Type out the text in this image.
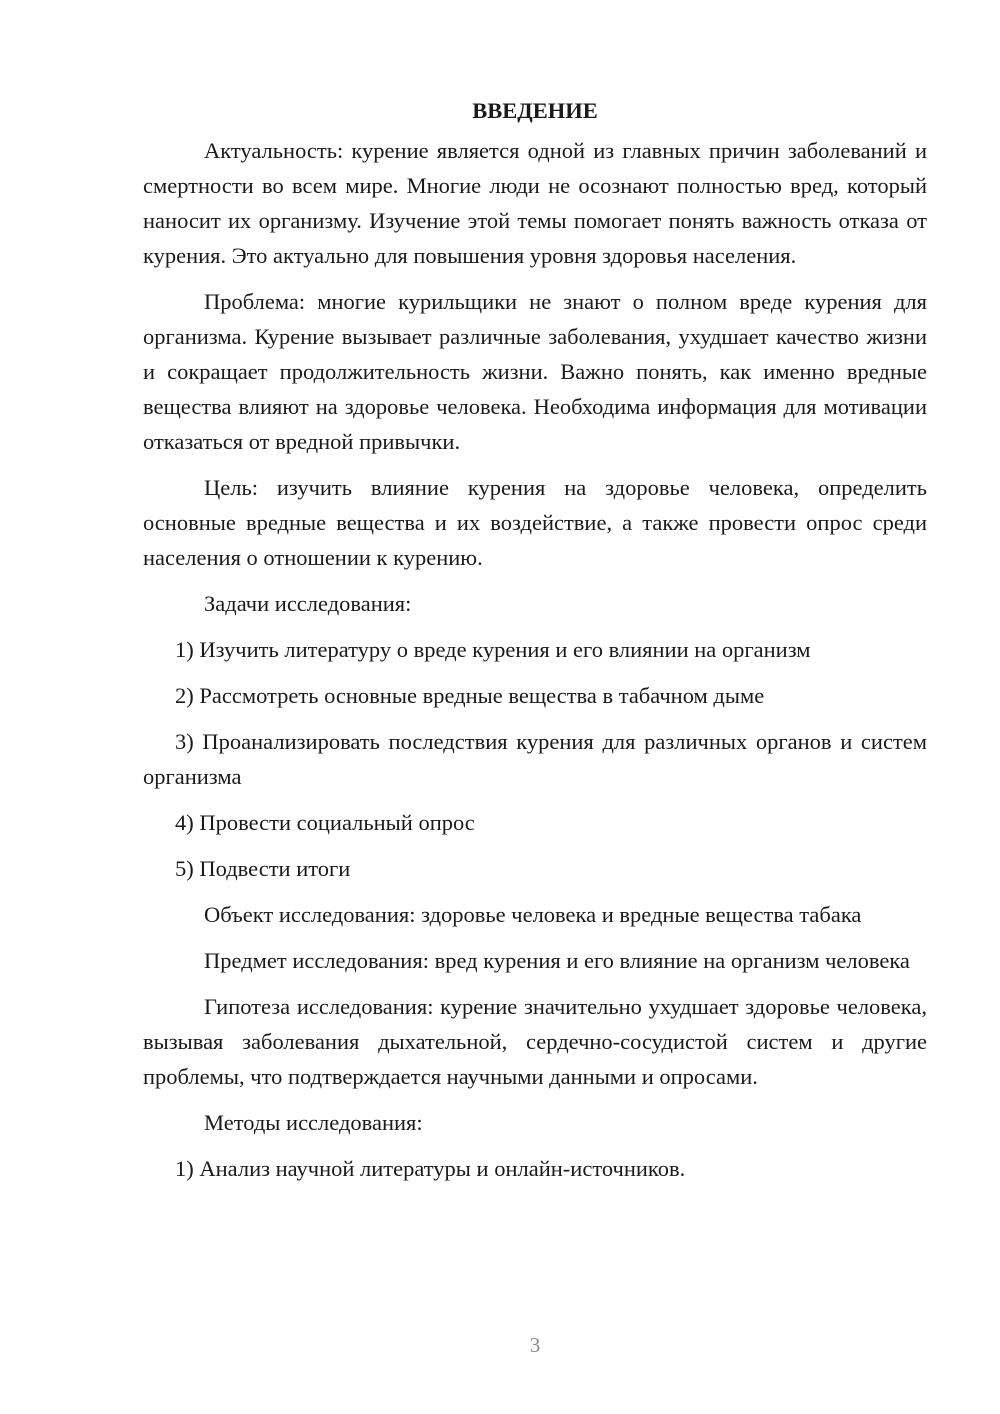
ВВЕДЕНИЕ

Актуальность: курение является одной из главных причин заболеваний и смертности во всем мире. Многие люди не осознают полностью вред, который наносит их организму. Изучение этой темы помогает понять важность отказа от курения. Это актуально для повышения уровня здоровья населения.

Проблема: многие курильщики не знают о полном вреде курения для организма. Курение вызывает различные заболевания, ухудшает качество жизни и сокращает продолжительность жизни. Важно понять, как именно вредные вещества влияют на здоровье человека. Необходима информация для мотивации отказаться от вредной привычки.

Цель: изучить влияние курения на здоровье человека, определить основные вредные вещества и их воздействие, а также провести опрос среди населения о отношении к курению.

Задачи исследования:

1) Изучить литературу о вреде курения и его влиянии на организм

2) Рассмотреть основные вредные вещества в табачном дыме

3) Проанализировать последствия курения для различных органов и систем организма

4) Провести социальный опрос

5) Подвести итоги

Объект исследования: здоровье человека и вредные вещества табака

Предмет исследования: вред курения и его влияние на организм человека

Гипотеза исследования: курение значительно ухудшает здоровье человека, вызывая заболевания дыхательной, сердечно-сосудистой систем и другие проблемы, что подтверждается научными данными и опросами.

Методы исследования:

1) Анализ научной литературы и онлайн-источников.

3
